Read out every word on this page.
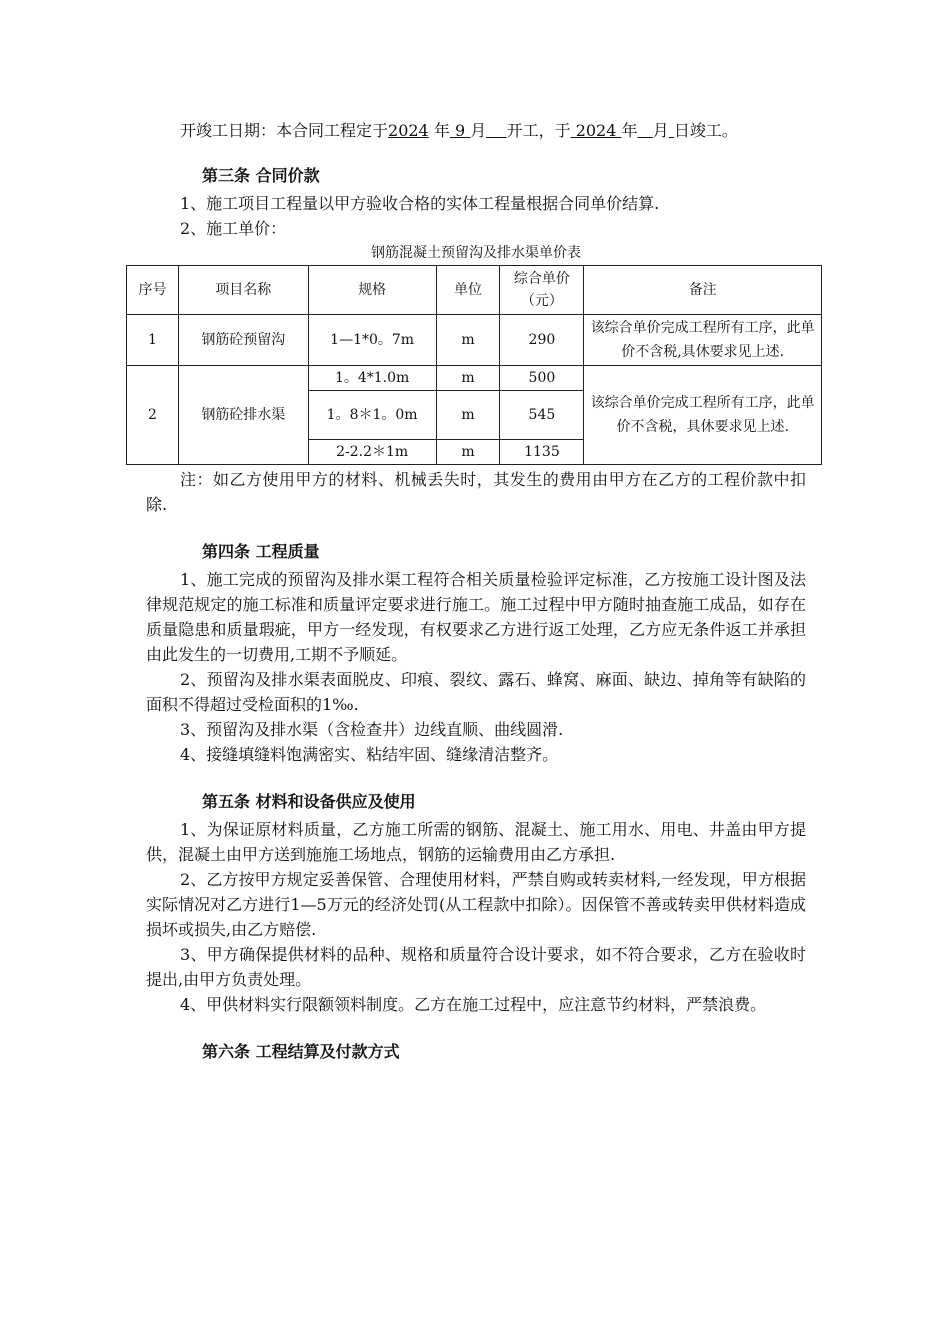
开竣工日期：本合同工程定于2024 年 9 月 开工，于 2024 年 月 日竣工。

第三条 合同价款

1、施工项目工程量以甲方验收合格的实体工程量根据合同单价结算.

2、施工单价：

钢筋混凝土预留沟及排水渠单价表

序号	项目名称	规格	单位	综合单价（元）	备注
1	钢筋砼预留沟	1—1*0。7m	m	290	该综合单价完成工程所有工序，此单价不含税,具休要求见上述.
2	钢筋砼排水渠	1。4*1.0m	m	500	该综合单价完成工程所有工序，此单价不含税，具休要求见上述.
		1。8＊1。0m	m	545	
		2-2.2＊1m	m	1135	

注：如乙方使用甲方的材料、机械丢失时，其发生的费用由甲方在乙方的工程价款中扣除.

第四条 工程质量

1、施工完成的预留沟及排水渠工程符合相关质量检验评定标准，乙方按施工设计图及法律规范规定的施工标准和质量评定要求进行施工。施工过程中甲方随时抽查施工成品，如存在质量隐患和质量瑕疵，甲方一经发现，有权要求乙方进行返工处理，乙方应无条件返工并承担由此发生的一切费用,工期不予顺延。

2、预留沟及排水渠表面脱皮、印痕、裂纹、露石、蜂窝、麻面、缺边、掉角等有缺陷的面积不得超过受检面积的1‰.

3、预留沟及排水渠（含检查井）边线直顺、曲线圆滑.

4、接缝填缝料饱满密实、粘结牢固、缝缘清洁整齐。

第五条 材料和设备供应及使用

1、为保证原材料质量，乙方施工所需的钢筋、混凝土、施工用水、用电、井盖由甲方提供，混凝土由甲方送到施施工场地点，钢筋的运输费用由乙方承担.

2、乙方按甲方规定妥善保管、合理使用材料，严禁自购或转卖材料,一经发现，甲方根据实际情况对乙方进行1—5万元的经济处罚(从工程款中扣除）。因保管不善或转卖甲供材料造成损坏或损失,由乙方赔偿.

3、甲方确保提供材料的品种、规格和质量符合设计要求，如不符合要求，乙方在验收时提出,由甲方负责处理。

4、甲供材料实行限额领料制度。乙方在施工过程中，应注意节约材料，严禁浪费。

第六条 工程结算及付款方式
